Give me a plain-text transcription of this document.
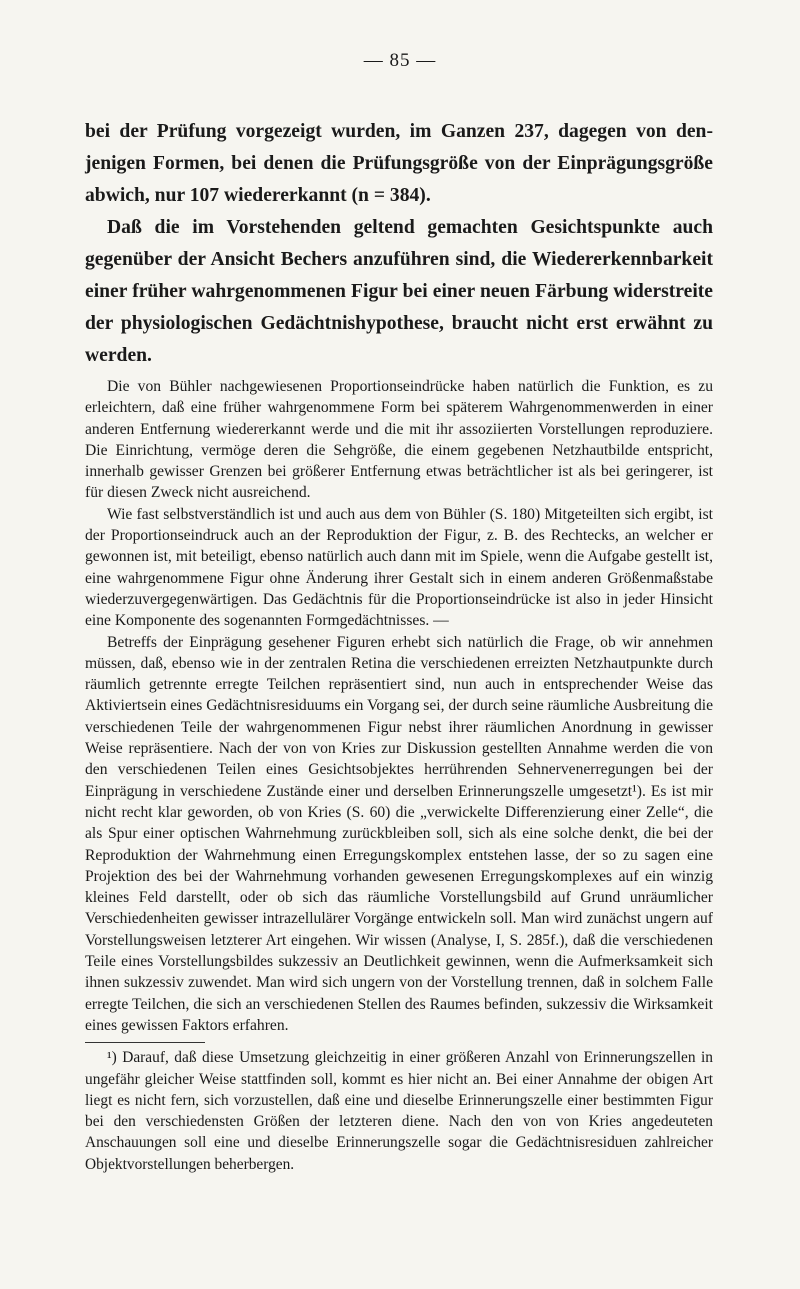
— 85 —

bei der Prüfung vorgezeigt wurden, im Ganzen 237, dagegen von denjenigen Formen, bei denen die Prüfungsgröße von der Einprägungsgröße abwich, nur 107 wiedererkannt (n = 384).

Daß die im Vorstehenden geltend gemachten Gesichtspunkte auch gegenüber der Ansicht Bechers anzuführen sind, die Wiedererkennbarkeit einer früher wahrgenommenen Figur bei einer neuen Färbung widerstreite der physiologischen Gedächtnishypothese, braucht nicht erst erwähnt zu werden.

Die von Bühler nachgewiesenen Proportionseindrücke haben natürlich die Funktion, es zu erleichtern, daß eine früher wahrgenommene Form bei späterem Wahrgenommenwerden in einer anderen Entfernung wiedererkannt werde und die mit ihr assoziierten Vorstellungen reproduziere. Die Einrichtung, vermöge deren die Sehgröße, die einem gegebenen Netzhautbilde entspricht, innerhalb gewisser Grenzen bei größerer Entfernung etwas beträchtlicher ist als bei geringerer, ist für diesen Zweck nicht ausreichend.

Wie fast selbstverständlich ist und auch aus dem von Bühler (S. 180) Mitgeteilten sich ergibt, ist der Proportionseindruck auch an der Reproduktion der Figur, z. B. des Rechtecks, an welcher er gewonnen ist, mit beteiligt, ebenso natürlich auch dann mit im Spiele, wenn die Aufgabe gestellt ist, eine wahrgenommene Figur ohne Änderung ihrer Gestalt sich in einem anderen Größenmaßstabe wiederzuvergegenwärtigen. Das Gedächtnis für die Proportionseindrücke ist also in jeder Hinsicht eine Komponente des sogenannten Formgedächtnisses. —

Betreffs der Einprägung gesehener Figuren erhebt sich natürlich die Frage, ob wir annehmen müssen, daß, ebenso wie in der zentralen Retina die verschiedenen erreizten Netzhautpunkte durch räumlich getrennte erregte Teilchen repräsentiert sind, nun auch in entsprechender Weise das Aktiviertsein eines Gedächtnisresiduums ein Vorgang sei, der durch seine räumliche Ausbreitung die verschiedenen Teile der wahrgenommenen Figur nebst ihrer räumlichen Anordnung in gewisser Weise repräsentiere. Nach der von von Kries zur Diskussion gestellten Annahme werden die von den verschiedenen Teilen eines Gesichtsobjektes herrührenden Sehnervenerregungen bei der Einprägung in verschiedene Zustände einer und derselben Erinnerungszelle umgesetzt¹). Es ist mir nicht recht klar geworden, ob von Kries (S. 60) die „verwickelte Differenzierung einer Zelle“, die als Spur einer optischen Wahrnehmung zurückbleiben soll, sich als eine solche denkt, die bei der Reproduktion der Wahrnehmung einen Erregungskomplex entstehen lasse, der so zu sagen eine Projektion des bei der Wahrnehmung vorhanden gewesenen Erregungskomplexes auf ein winzig kleines Feld darstellt, oder ob sich das räumliche Vorstellungsbild auf Grund unräumlicher Verschiedenheiten gewisser intrazellulärer Vorgänge entwickeln soll. Man wird zunächst ungern auf Vorstellungsweisen letzterer Art eingehen. Wir wissen (Analyse, I, S. 285f.), daß die verschiedenen Teile eines Vorstellungsbildes sukzessiv an Deutlichkeit gewinnen, wenn die Aufmerksamkeit sich ihnen sukzessiv zuwendet. Man wird sich ungern von der Vorstellung trennen, daß in solchem Falle erregte Teilchen, die sich an verschiedenen Stellen des Raumes befinden, sukzessiv die Wirksamkeit eines gewissen Faktors erfahren.

¹) Darauf, daß diese Umsetzung gleichzeitig in einer größeren Anzahl von Erinnerungszellen in ungefähr gleicher Weise stattfinden soll, kommt es hier nicht an. Bei einer Annahme der obigen Art liegt es nicht fern, sich vorzustellen, daß eine und dieselbe Erinnerungszelle einer bestimmten Figur bei den verschiedensten Größen der letzteren diene. Nach den von von Kries angedeuteten Anschauungen soll eine und dieselbe Erinnerungszelle sogar die Gedächtnisresiduen zahlreicher Objektvorstellungen beherbergen.
